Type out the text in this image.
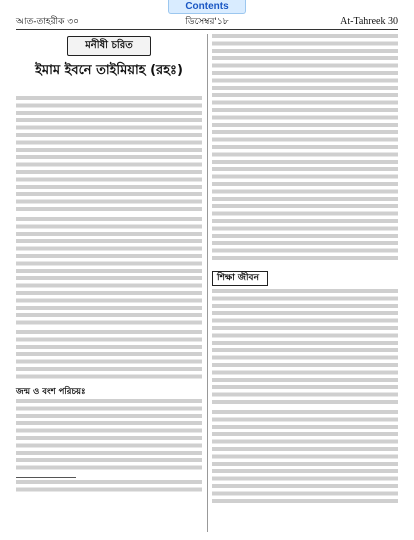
Contents
আত-তাহরীক ৩০	ডিসেম্বর'১৮	At-Tahreek 30
মনীষী চরিত
ইমাম ইবনে তাইমিয়াহ (রহঃ)
জন্ম ও বংশ পরিচয়ঃ
শিক্ষা জীবন
